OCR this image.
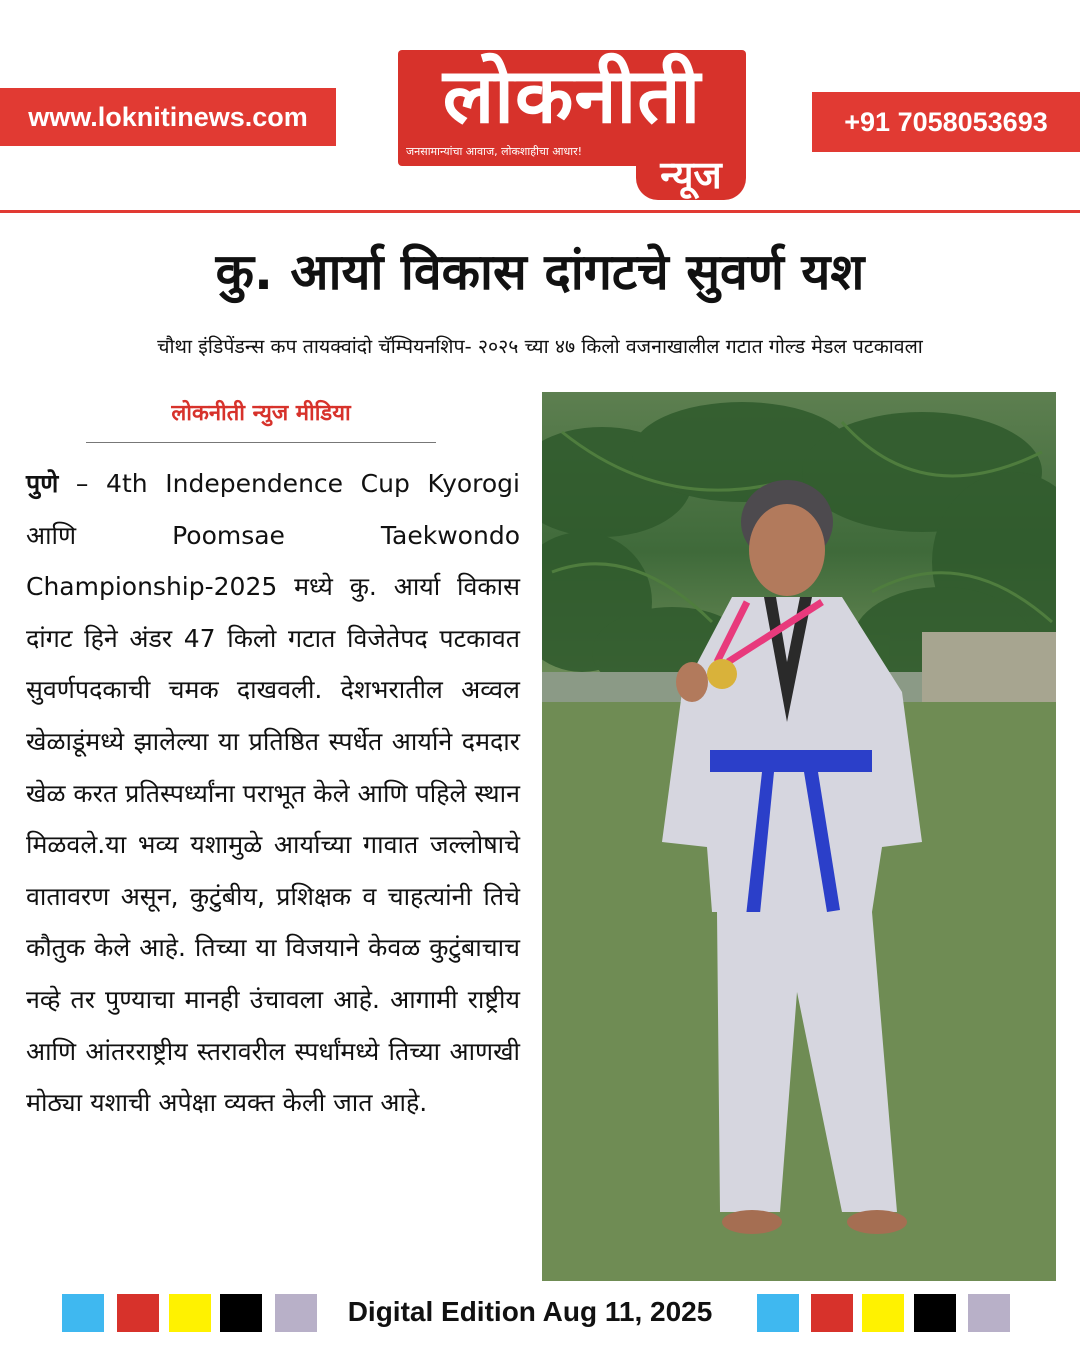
www.loknitinews.com	लोकनीती
जनसामान्यांचा आवाज, लोकशाहीचा आधार!
न्यूज
+91 7058053693
कु. आर्या विकास दांगटचे सुवर्ण यश
चौथा इंडिपेंडन्स कप तायक्वांदो चॅम्पियनशिप- २०२५ च्या ४७ किलो वजनाखालील गटात गोल्ड मेडल पटकावला
लोकनीती न्युज मीडिया

पुणे – 4th Independence Cup Kyorogi आणि Poomsae Taekwondo Championship-2025 मध्ये कु. आर्या विकास दांगट हिने अंडर 47 किलो गटात विजेतेपद पटकावत सुवर्णपदकाची चमक दाखवली. देशभरातील अव्वल खेळाडूंमध्ये झालेल्या या प्रतिष्ठित स्पर्धेत आर्याने दमदार खेळ करत प्रतिस्पर्ध्यांना पराभूत केले आणि पहिले स्थान मिळवले.या भव्य यशामुळे आर्याच्या गावात जल्लोषाचे वातावरण असून, कुटुंबीय, प्रशिक्षक व चाहत्यांनी तिचे कौतुक केले आहे. तिच्या या विजयाने केवळ कुटुंबाचाच नव्हे तर पुण्याचा मानही उंचावला आहे. आगामी राष्ट्रीय आणि आंतरराष्ट्रीय स्तरावरील स्पर्धांमध्ये तिच्या आणखी मोठ्या यशाची अपेक्षा व्यक्त केली जात आहे.

Digital Edition Aug 11, 2025
